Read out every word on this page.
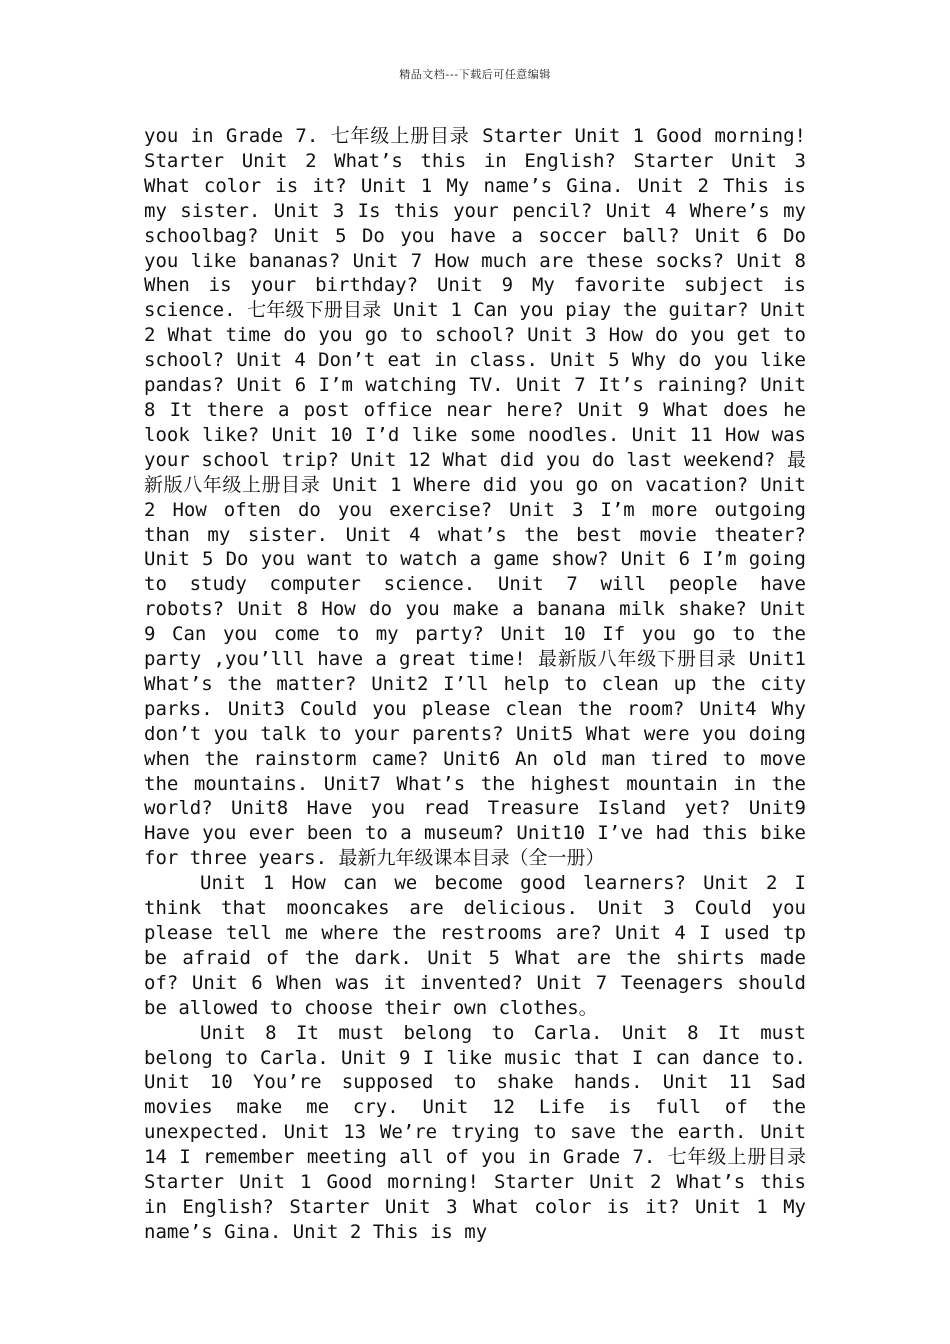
精品文档---下载后可任意编辑

you in Grade 7. 七年级上册目录 Starter Unit 1 Good morning! Starter Unit 2 What’s this in English? Starter Unit 3 What color is it? Unit 1 My name’s Gina. Unit 2 This is my sister. Unit 3 Is this your pencil? Unit 4 Where’s my schoolbag? Unit 5 Do you have a soccer ball? Unit 6 Do you like bananas? Unit 7 How much are these socks? Unit 8 When is your birthday? Unit 9 My favorite subject is science. 七年级下册目录 Unit 1 Can you piay the guitar? Unit 2 What time do you go to school? Unit 3 How do you get to school? Unit 4 Don’t eat in class. Unit 5 Why do you like pandas? Unit 6 I’m watching TV. Unit 7 It’s raining? Unit 8 It there a post office near here? Unit 9 What does he look like? Unit 10 I’d like some noodles. Unit 11 How was your school trip? Unit 12 What did you do last weekend? 最新版八年级上册目录 Unit 1 Where did you go on vacation? Unit 2 How often do you exercise? Unit 3 I’m more outgoing than my sister. Unit 4 what’s the best movie theater? Unit 5 Do you want to watch a game show? Unit 6 I’m going to study computer science. Unit 7 will people have robots? Unit 8 How do you make a banana milk shake? Unit 9 Can you come to my party? Unit 10 If you go to the party ,you’lll have a great time! 最新版八年级下册目录 Unit1 What’s the matter? Unit2 I’ll help to clean up the city parks. Unit3 Could you please clean the room? Unit4 Why don’t you talk to your parents? Unit5 What were you doing when the rainstorm came? Unit6 An old man tired to move the mountains. Unit7 What’s the highest mountain in the world? Unit8 Have you read Treasure Island yet? Unit9 Have you ever been to a museum? Unit10 I’ve had this bike for three years. 最新九年级课本目录（全一册）

Unit 1 How can we become good learners? Unit 2 I think that mooncakes are delicious. Unit 3 Could you please tell me where the restrooms are? Unit 4 I used tp be afraid of the dark. Unit 5 What are the shirts made of? Unit 6 When was it invented? Unit 7 Teenagers should be allowed to choose their own clothes。

Unit 8 It must belong to Carla. Unit 8 It must belong to Carla. Unit 9 I like music that I can dance to. Unit 10 You’re supposed to shake hands. Unit 11 Sad movies make me cry. Unit 12 Life is full of the unexpected. Unit 13 We’re trying to save the earth. Unit 14 I remember meeting all of you in Grade 7. 七年级上册目录 Starter Unit 1 Good morning! Starter Unit 2 What’s this in English? Starter Unit 3 What color is it? Unit 1 My name’s Gina. Unit 2 This is my
